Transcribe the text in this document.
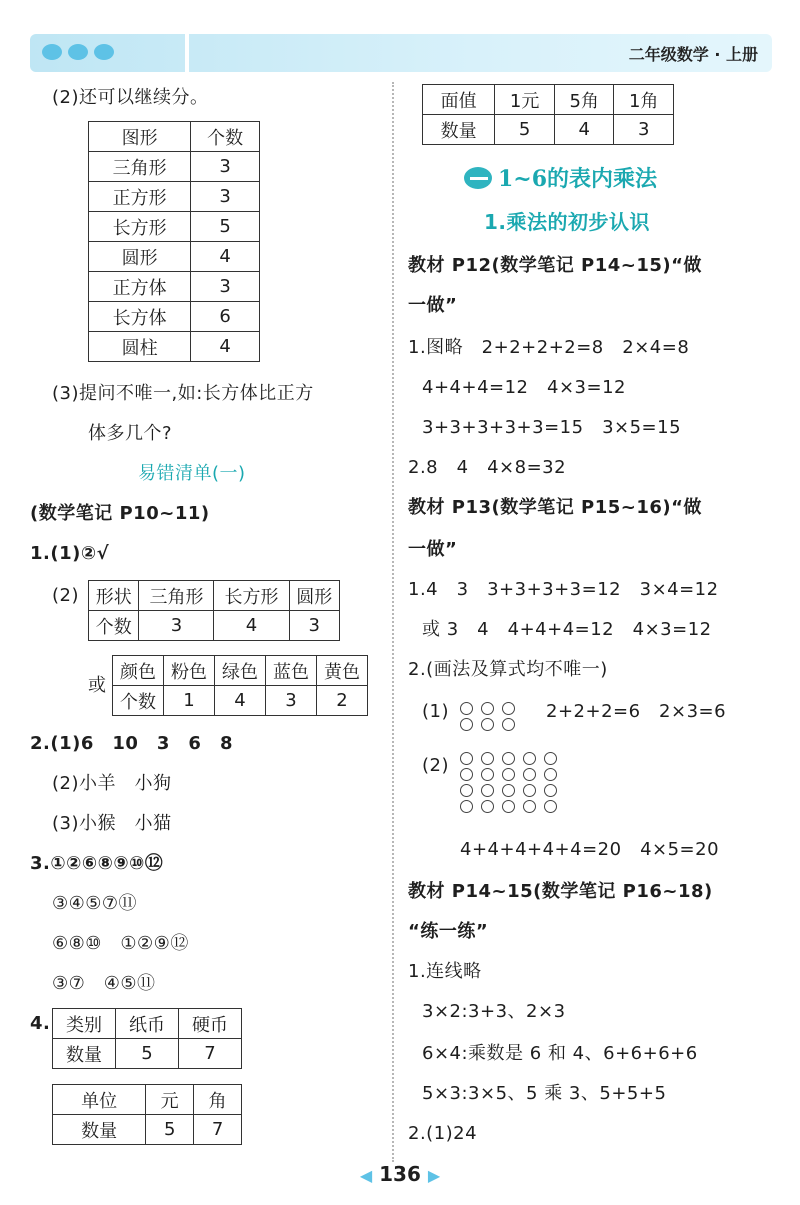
二年级数学 · 上册
(2)还可以继续分。
图形	个数
三角形	3
正方形	3
长方形	5
圆形	4
正方体	3
长方体	6
圆柱	4
(3)提问不唯一,如:长方体比正方
体多几个?
易错清单(一)
(数学笔记 P10~11)
1.(1)②√
(2) 形状	三角形	长方形	圆形
个数	3	4	3
或
颜色	粉色	绿色	蓝色	黄色
个数	1	4	3	2
2.(1)6　10　3　6　8
(2)小羊　小狗
(3)小猴　小猫
3.①②⑥⑧⑨⑩⑫
③④⑤⑦⑪
⑥⑧⑩　①②⑨⑫
③⑦　④⑤⑪
4. 类别	纸币	硬币
数量	5	7
单位	元	角
数量	5	7
面值	1元	5角	1角
数量	5	4	3
1~6的表内乘法
1.乘法的初步认识
教材 P12(数学笔记 P14~15)“做
一做”
1.图略　2+2+2+2=8　2×4=8
4+4+4=12　4×3=12
3+3+3+3+3=15　3×5=15
2.8　4　4×8=32
教材 P13(数学笔记 P15~16)“做
一做”
1.4　3　3+3+3+3=12　3×4=12
或 3　4　4+4+4=12　4×3=12
2.(画法及算式均不唯一)
(1)	2+2+2=6　2×3=6
(2)
4+4+4+4+4=20　4×5=20
教材 P14~15(数学笔记 P16~18)
“练一练”
1.连线略
3×2:3+3、2×3
6×4:乘数是 6 和 4、6+6+6+6
5×3:3×5、5 乘 3、5+5+5
2.(1)24
◀ 136 ▶
